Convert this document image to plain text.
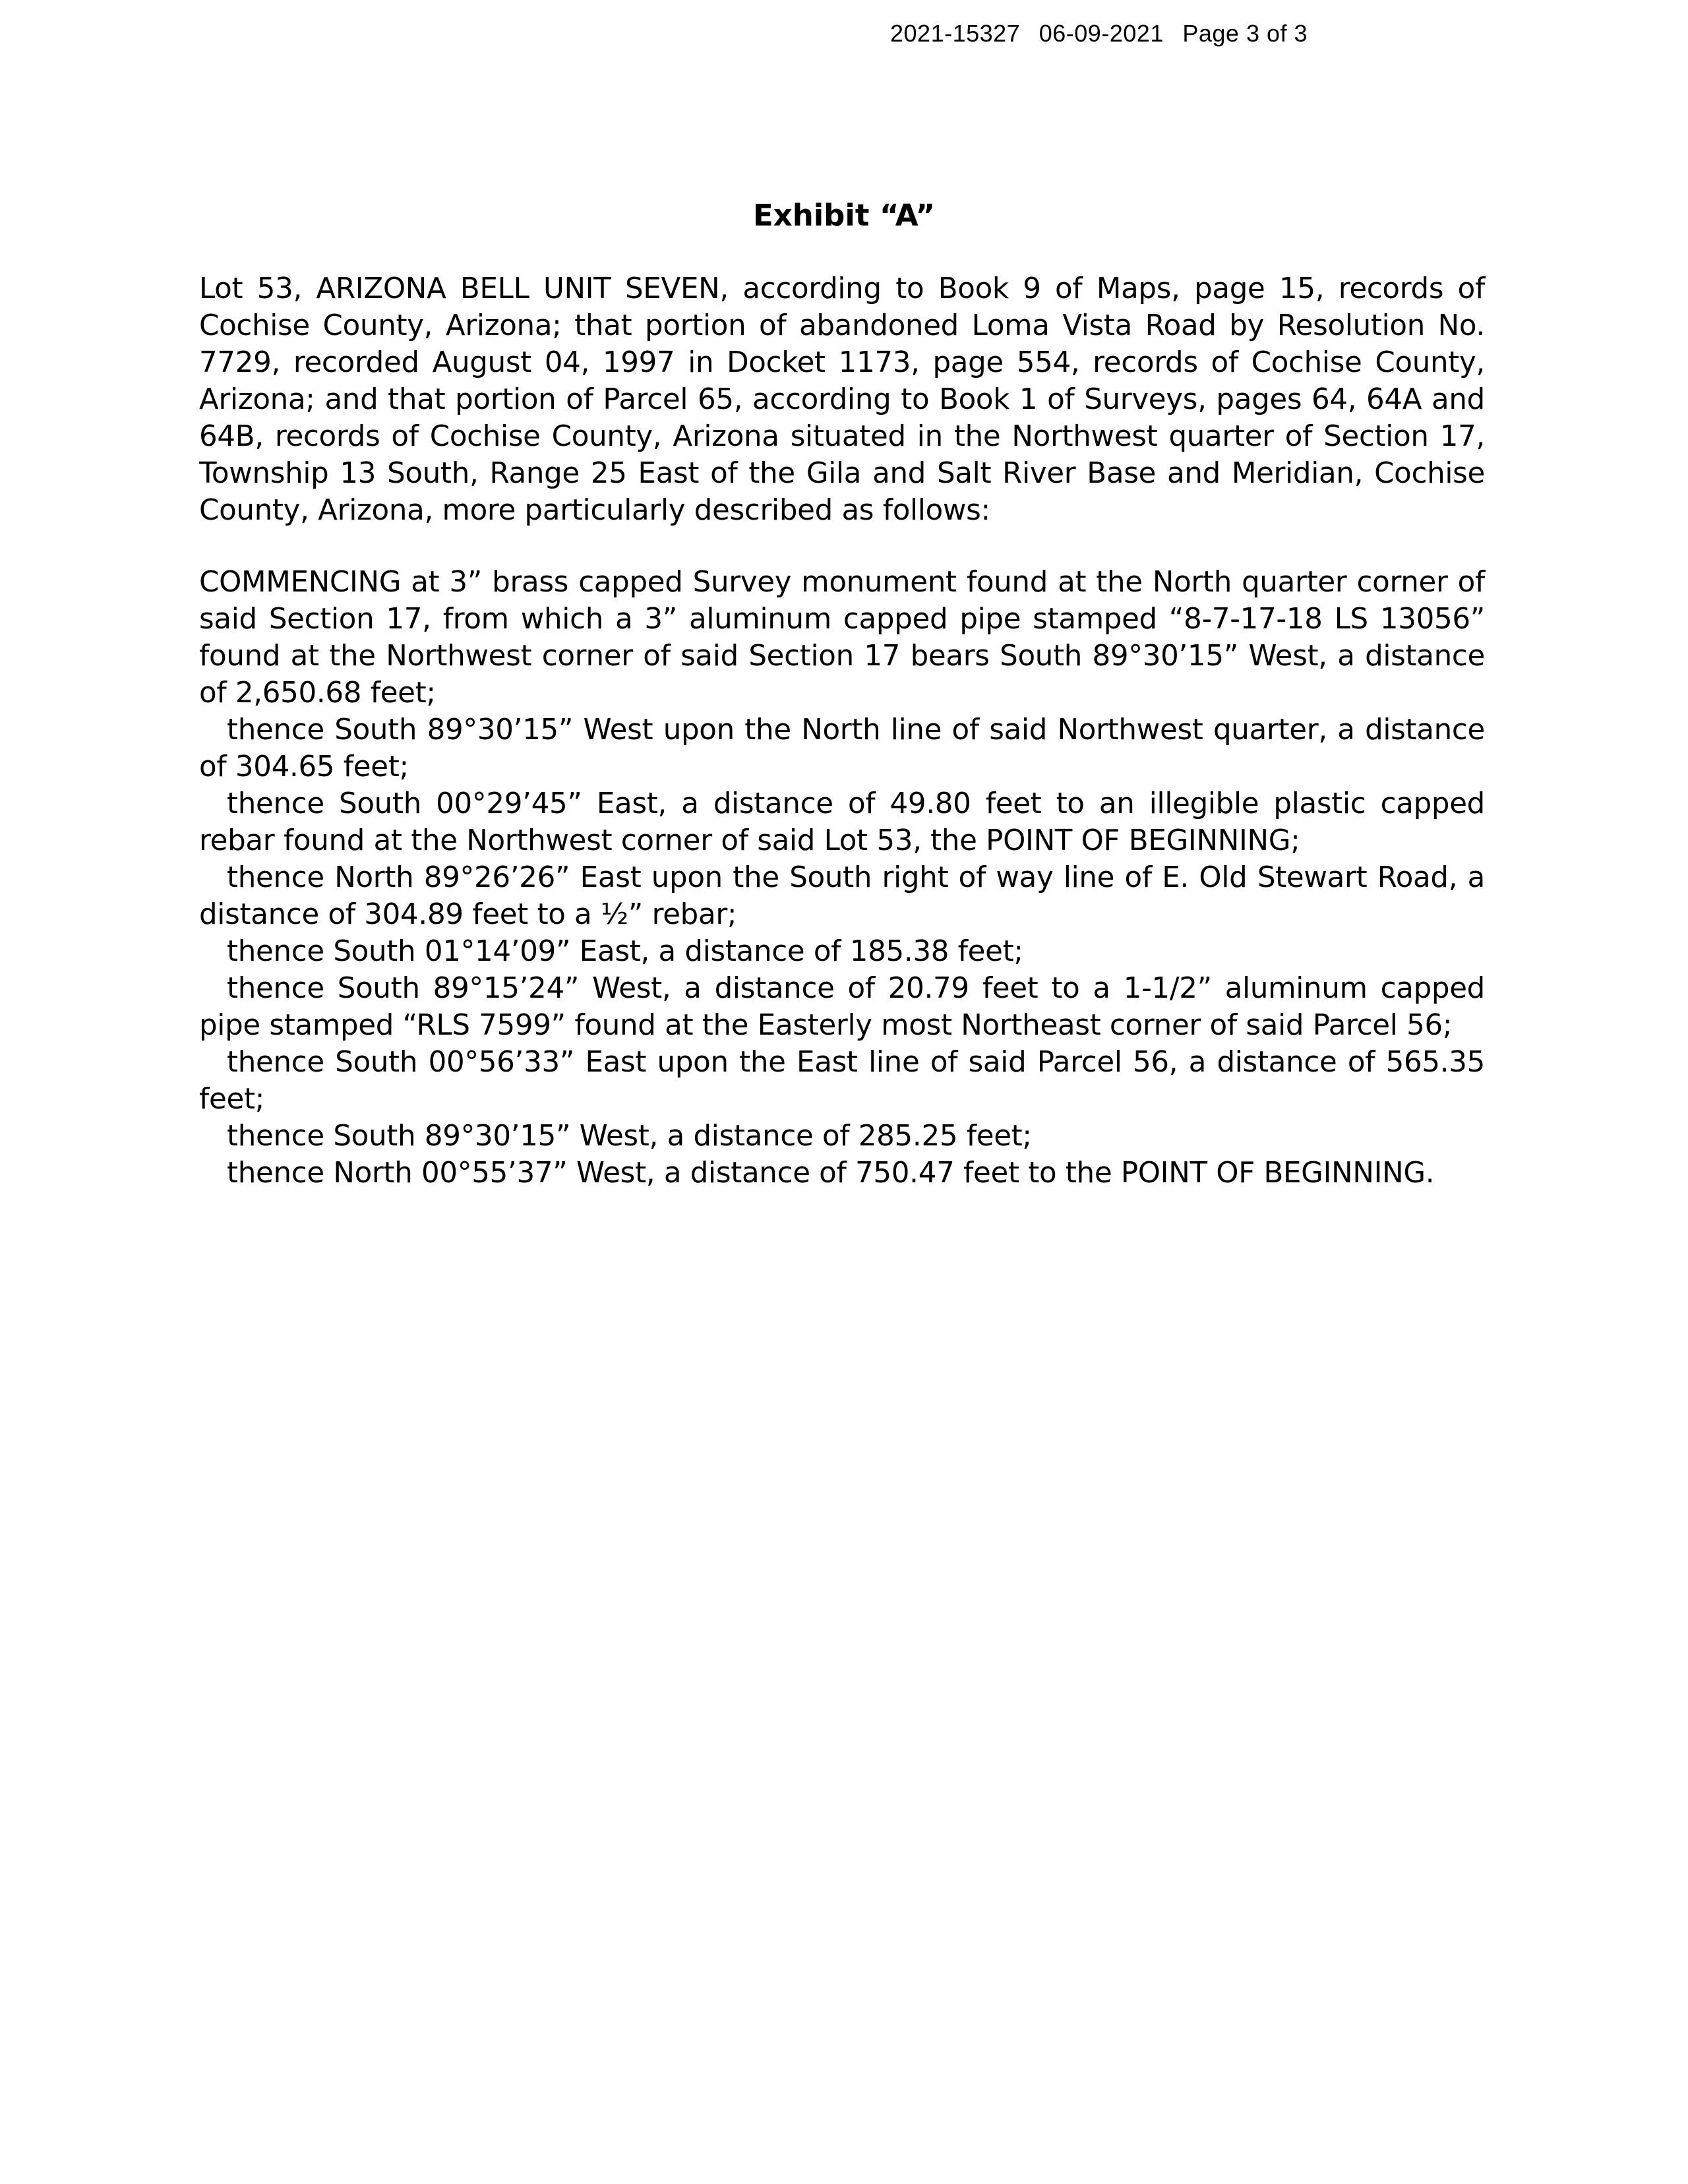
2021-15327 06-09-2021 Page 3 of 3
Exhibit “A”
Lot 53, ARIZONA BELL UNIT SEVEN, according to Book 9 of Maps, page 15, records of Cochise County, Arizona; that portion of abandoned Loma Vista Road by Resolution No. 7729, recorded August 04, 1997 in Docket 1173, page 554, records of Cochise County, Arizona; and that portion of Parcel 65, according to Book 1 of Surveys, pages 64, 64A and 64B, records of Cochise County, Arizona situated in the Northwest quarter of Section 17, Township 13 South, Range 25 East of the Gila and Salt River Base and Meridian, Cochise County, Arizona, more particularly described as follows:

COMMENCING at 3” brass capped Survey monument found at the North quarter corner of said Section 17, from which a 3” aluminum capped pipe stamped “8-7-17-18 LS 13056” found at the Northwest corner of said Section 17 bears South 89°30’15” West, a distance of 2,650.68 feet;

thence South 89°30’15” West upon the North line of said Northwest quarter, a distance of 304.65 feet;

thence South 00°29’45” East, a distance of 49.80 feet to an illegible plastic capped rebar found at the Northwest corner of said Lot 53, the POINT OF BEGINNING;

thence North 89°26’26” East upon the South right of way line of E. Old Stewart Road, a distance of 304.89 feet to a ½” rebar;

thence South 01°14’09” East, a distance of 185.38 feet;

thence South 89°15’24” West, a distance of 20.79 feet to a 1-1/2” aluminum capped pipe stamped “RLS 7599” found at the Easterly most Northeast corner of said Parcel 56;

thence South 00°56’33” East upon the East line of said Parcel 56, a distance of 565.35 feet;

thence South 89°30’15” West, a distance of 285.25 feet;

thence North 00°55’37” West, a distance of 750.47 feet to the POINT OF BEGINNING.
